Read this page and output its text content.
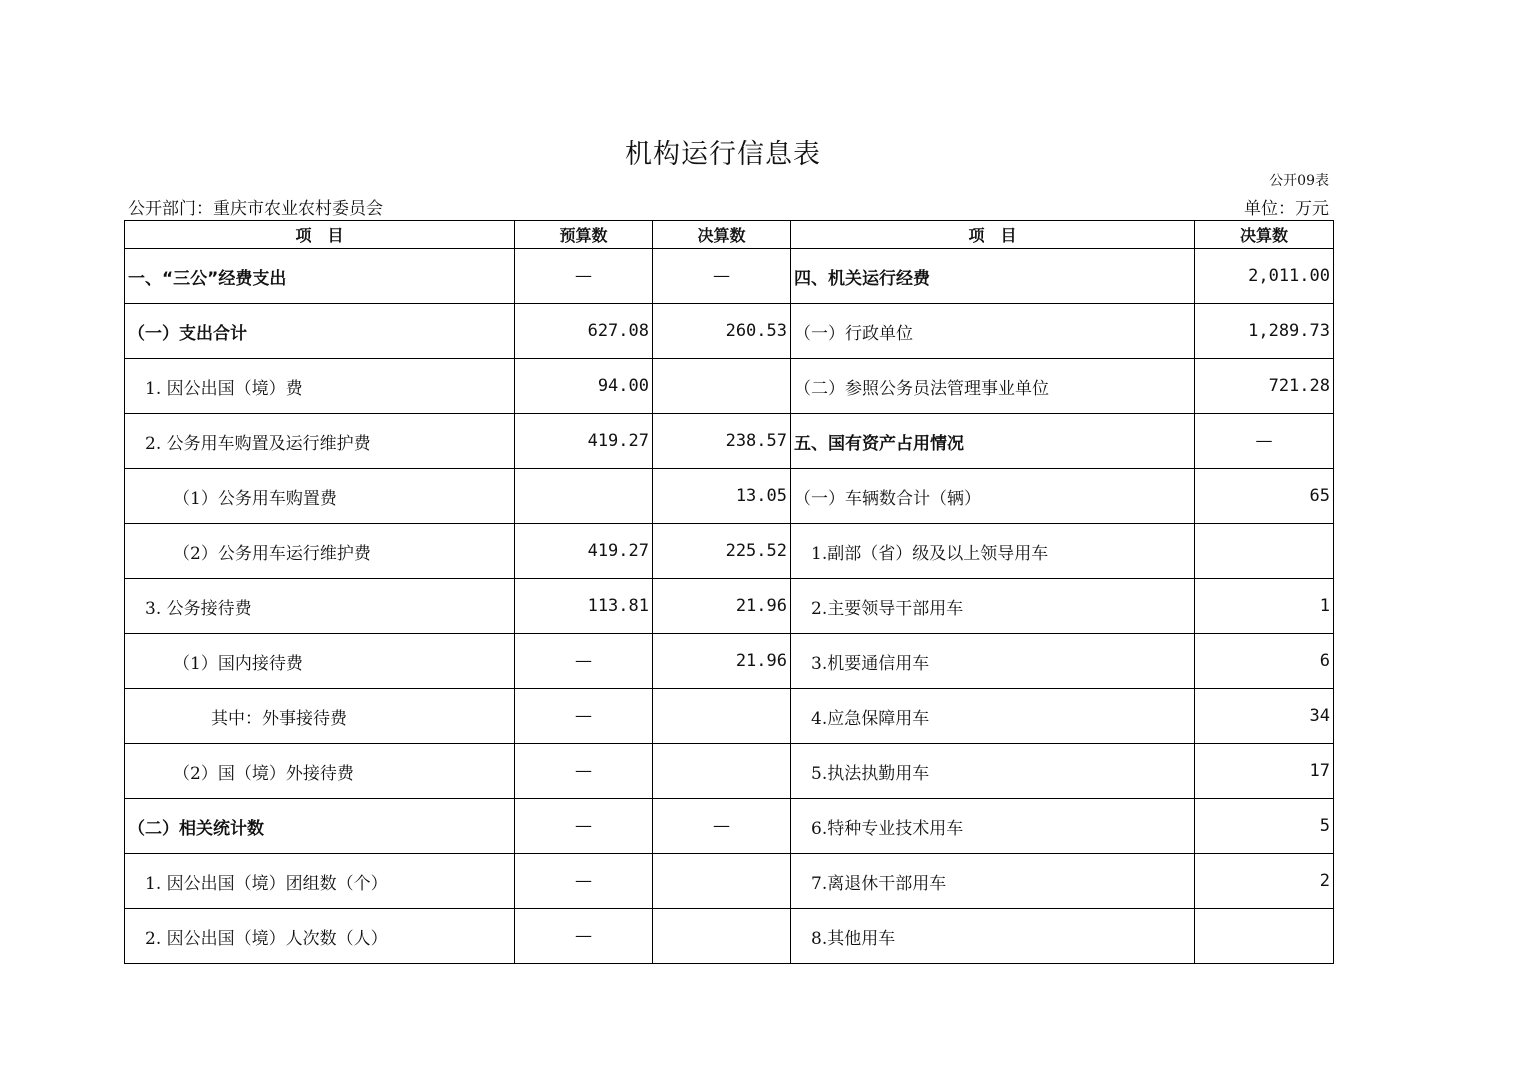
机构运行信息表
公开09表
公开部门：重庆市农业农村委员会	单位：万元
项　目	预算数	决算数	项　目	决算数
一、“三公”经费支出	—	—	四、机关运行经费	2,011.00
（一）支出合计	627.08	260.53	（一）行政单位	1,289.73
1. 因公出国（境）费	94.00		（二）参照公务员法管理事业单位	721.28
2. 公务用车购置及运行维护费	419.27	238.57	五、国有资产占用情况	—
（1）公务用车购置费		13.05	（一）车辆数合计（辆）	65
（2）公务用车运行维护费	419.27	225.52	1.副部（省）级及以上领导用车	
3. 公务接待费	113.81	21.96	2.主要领导干部用车	1
（1）国内接待费	—	21.96	3.机要通信用车	6
其中：外事接待费	—		4.应急保障用车	34
（2）国（境）外接待费	—		5.执法执勤用车	17
（二）相关统计数	—	—	6.特种专业技术用车	5
1. 因公出国（境）团组数（个）	—		7.离退休干部用车	2
2. 因公出国（境）人次数（人）	—		8.其他用车	
